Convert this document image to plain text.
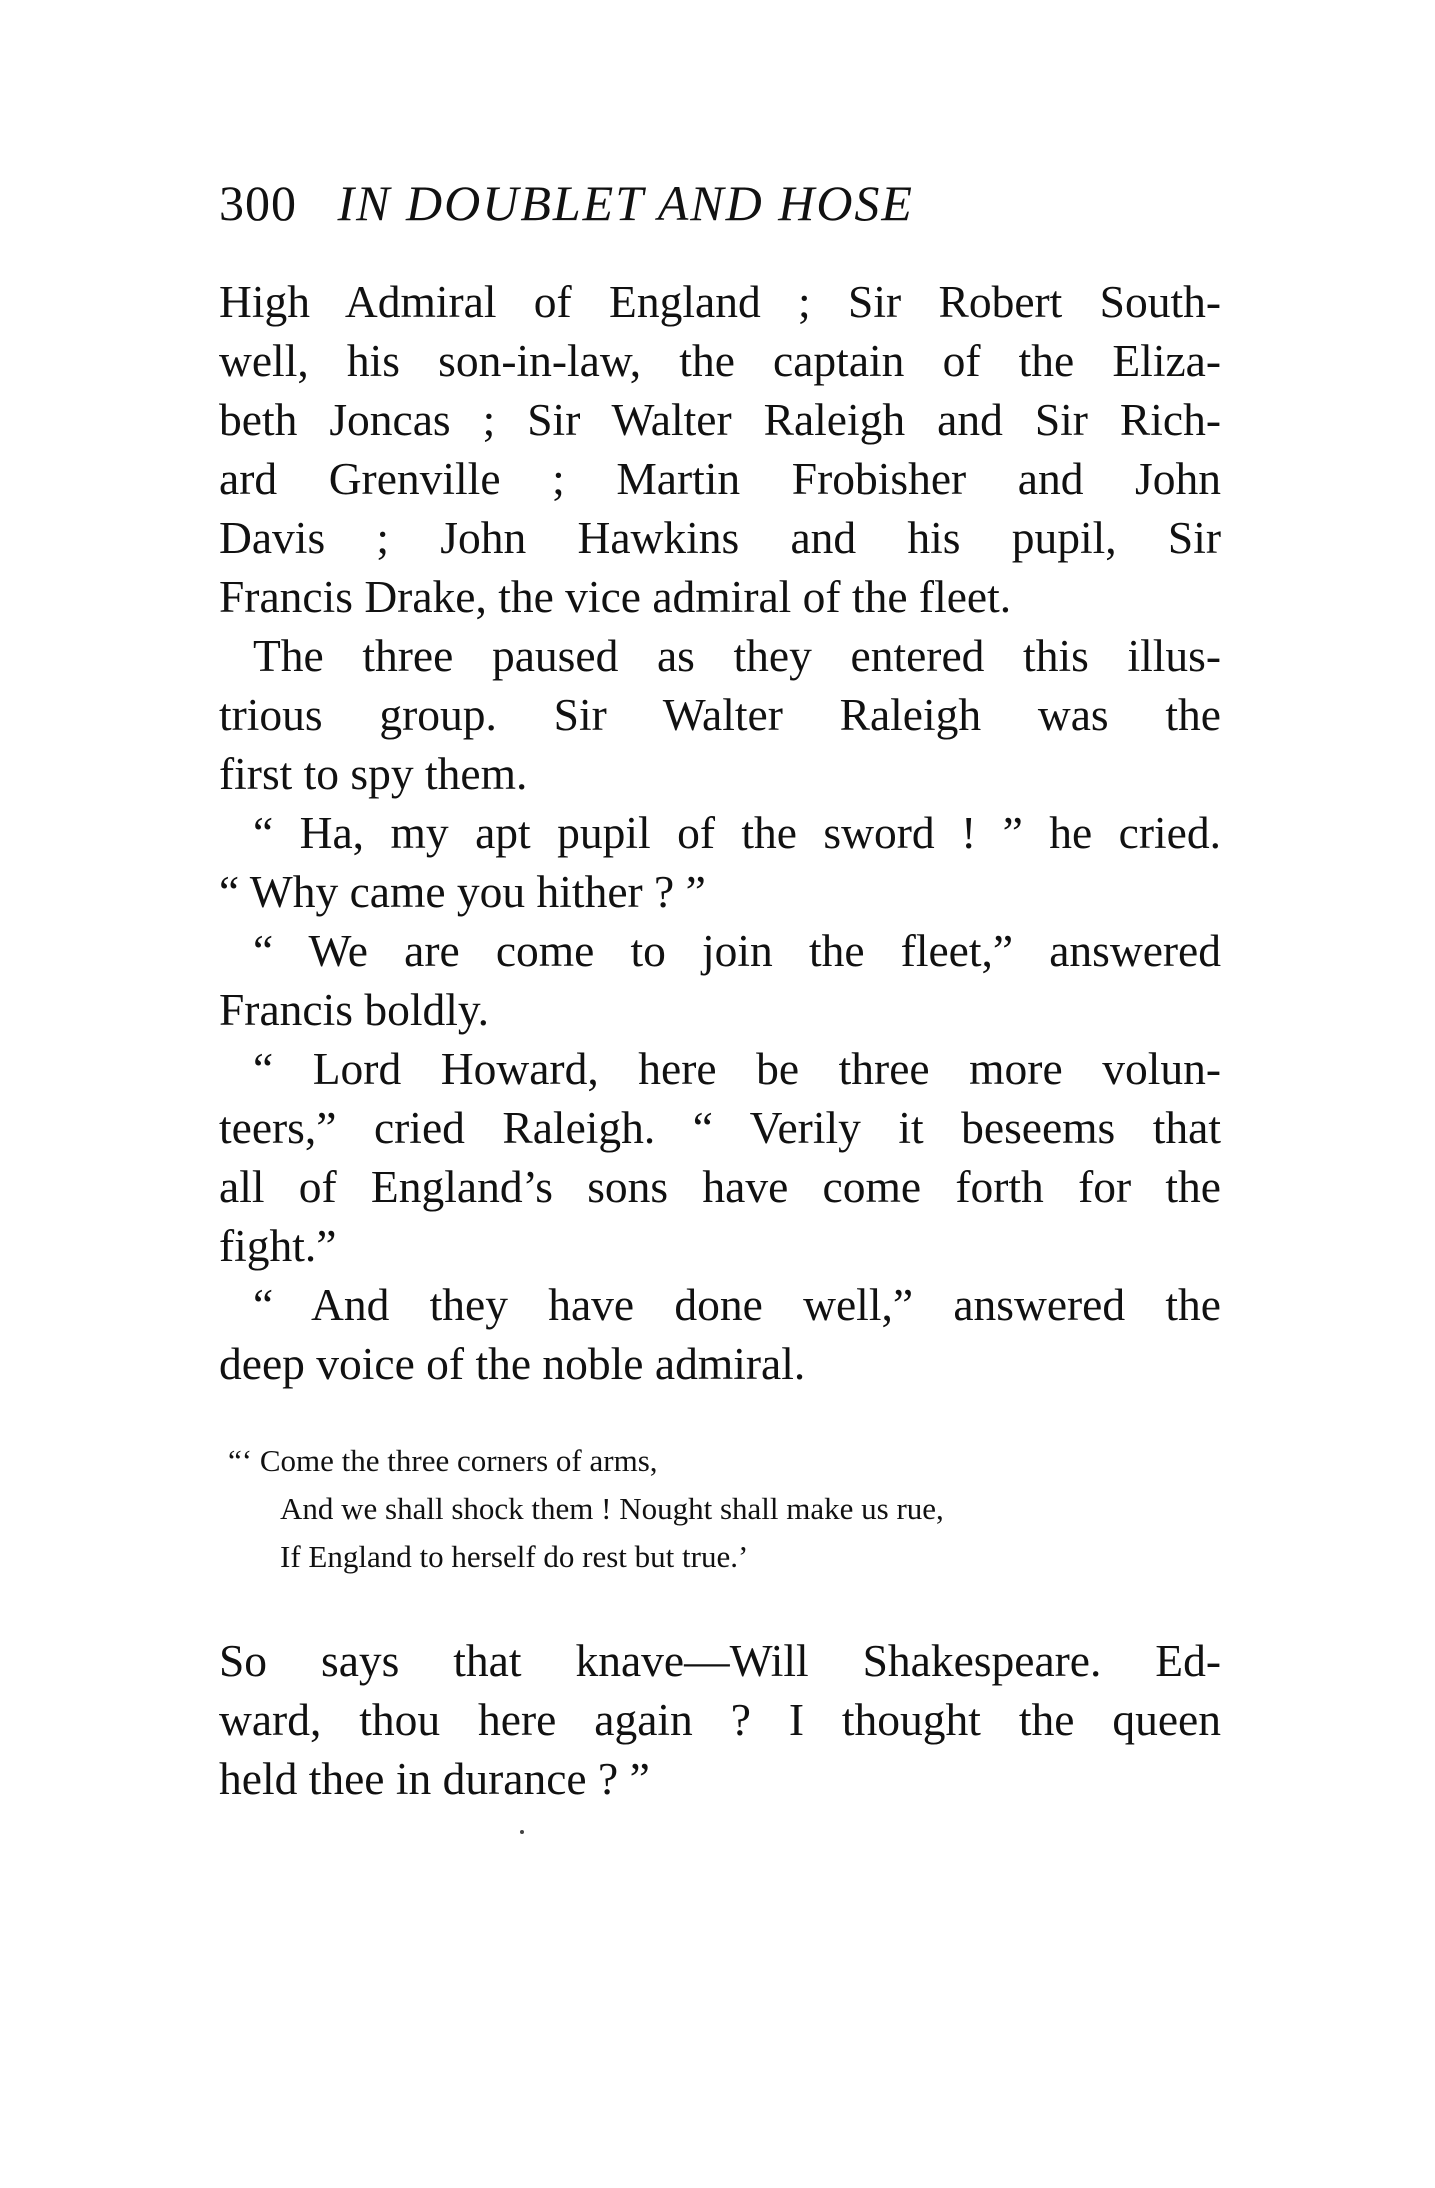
300 IN DOUBLET AND HOSE
High Admiral of England ; Sir Robert South-
well, his son-in-law, the captain of the Eliza-
beth Joncas ; Sir Walter Raleigh and Sir Rich-
ard Grenville ; Martin Frobisher and John
Davis ; John Hawkins and his pupil, Sir
Francis Drake, the vice admiral of the fleet.
The three paused as they entered this illus-
trious group. Sir Walter Raleigh was the
first to spy them.
“ Ha, my apt pupil of the sword ! ” he cried.
“ Why came you hither ? ”
“ We are come to join the fleet,” answered
Francis boldly.
“ Lord Howard, here be three more volun-
teers,” cried Raleigh. “ Verily it beseems that
all of England’s sons have come forth for the
fight.”
“ And they have done well,” answered the
deep voice of the noble admiral.
“‘ Come the three corners of arms,
And we shall shock them ! Nought shall make us rue,
If England to herself do rest but true.’
So says that knave—Will Shakespeare. Ed-
ward, thou here again ? I thought the queen
held thee in durance ? ”
